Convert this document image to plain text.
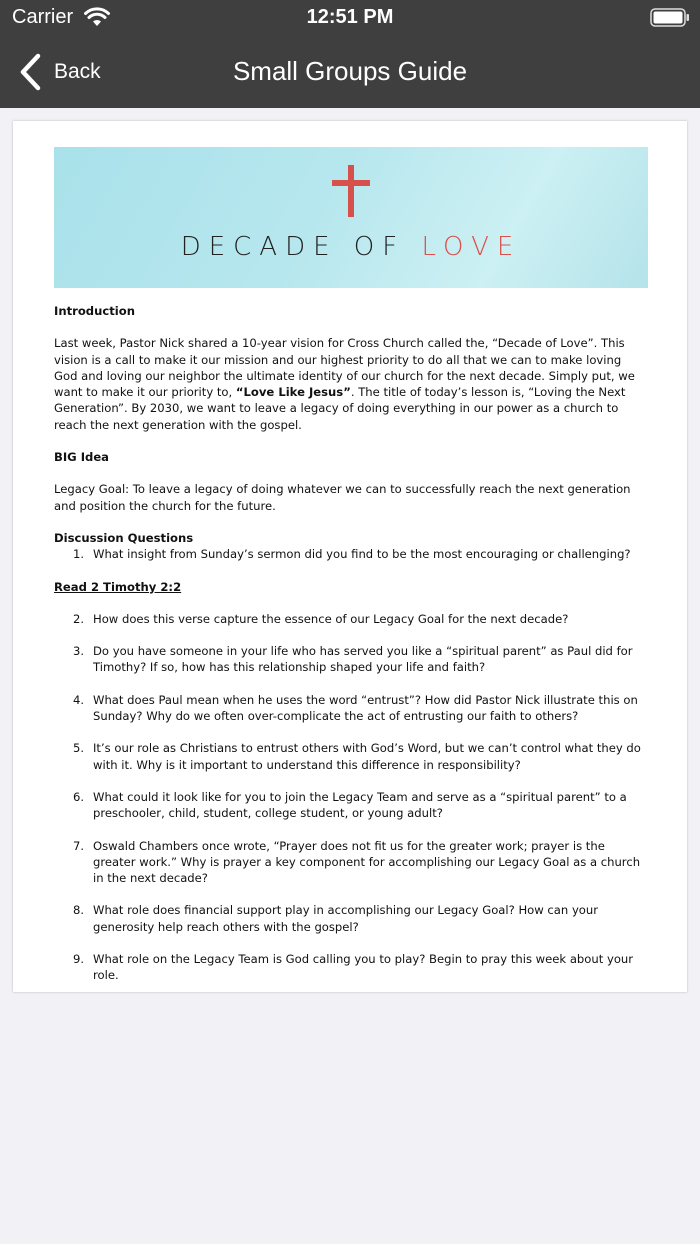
Carrier	12:51 PM
Back	Small Groups Guide
DECADE OF LOVE

Introduction

Last week, Pastor Nick shared a 10-year vision for Cross Church called the, “Decade of Love”. This vision is a call to make it our mission and our highest priority to do all that we can to make loving God and loving our neighbor the ultimate identity of our church for the next decade. Simply put, we want to make it our priority to, “Love Like Jesus”. The title of today’s lesson is, “Loving the Next Generation”. By 2030, we want to leave a legacy of doing everything in our power as a church to reach the next generation with the gospel.

BIG Idea

Legacy Goal: To leave a legacy of doing whatever we can to successfully reach the next generation and position the church for the future.

Discussion Questions

1. What insight from Sunday’s sermon did you find to be the most encouraging or challenging?

Read 2 Timothy 2:2

2. How does this verse capture the essence of our Legacy Goal for the next decade?
3. Do you have someone in your life who has served you like a “spiritual parent” as Paul did for Timothy? If so, how has this relationship shaped your life and faith?
4. What does Paul mean when he uses the word “entrust”? How did Pastor Nick illustrate this on Sunday? Why do we often over-complicate the act of entrusting our faith to others?
5. It’s our role as Christians to entrust others with God’s Word, but we can’t control what they do with it. Why is it important to understand this difference in responsibility?
6. What could it look like for you to join the Legacy Team and serve as a “spiritual parent” to a preschooler, child, student, college student, or young adult?
7. Oswald Chambers once wrote, “Prayer does not fit us for the greater work; prayer is the greater work.” Why is prayer a key component for accomplishing our Legacy Goal as a church in the next decade?
8. What role does financial support play in accomplishing our Legacy Goal? How can your generosity help reach others with the gospel?
9. What role on the Legacy Team is God calling you to play? Begin to pray this week about your role.
